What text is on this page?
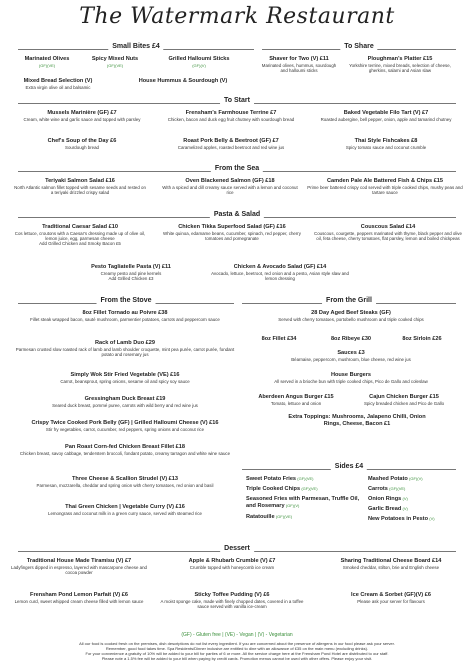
The Watermark Restaurant
Small Bites £4
Marinated Olives
(GF)(VE)
Spicy Mixed Nuts
(GF)(VE)
Grilled Halloumi Sticks
(GF)(V)
Mixed Bread Selection (V)
Extra virgin olive oil and balsamic
House Hummus & Sourdough (V)
To Share
Shaver for Two (V) £11
Marinated olives, hummus, sourdough and halloumi sticks
Ploughman's Platter £15
Yorkshire terrine, mixed breads, selection of cheese, gherkins, salami and Asian slaw
To Start
Mussels Marinière (GF) £7
Cream, white wine and garlic sauce and topped with parsley
Frensham's Farmhouse Terrine £7
Chicken, bacon and duck egg fruit chutney with sourdough bread
Baked Vegetable Filo Tart (V) £7
Roasted aubergine, bell pepper, onion, apple and tamarind chutney
Chef's Soup of the Day £6
Sourdough bread
Roast Pork Belly & Beetroot (GF) £7
Caramelized apples, roasted beetroot and red wine jus
Thai Style Fishcakes £8
Spicy tomato sauce and coconut crumble
From the Sea
Teriyaki Salmon Salad £16
North Atlantic salmon fillet topped with sesame seeds and rested on a teriyaki drizzled crispy salad
Oven Blackened Salmon (GF) £18
With a spiced and dill creamy sauce served with a lemon and coconut rice
Camden Pale Ale Battered Fish & Chips £15
Prime beer battered crispy cod served with triple cooked chips, mushy peas and tartare sauce
Pasta & Salad
Traditional Caesar Salad £10
Cos lettuce, croutons with a Caesar's dressing made up of olive oil, lemon juice, egg, parmesan cheese
Add Grilled Chicken and Smoky Bacon £5
Chicken Tikka Superfood Salad (GF) £16
White quinoa, edamame beans, cucumber, spinach, red pepper, cherry tomatoes and pomegranate
Couscous Salad £14
Couscous, courgette, peppers marinated with thyme, black pepper and olive oil, feta cheese, cherry tomatoes, flat parsley, lemon and boiled chickpeas
Pesto Tagliatelle Pasta (V) £11
Creamy pesto and pine kernels
Add Grilled Chicken £3
Chicken & Avocado Salad (GF) £14
Avocado, lettuce, beetroot, red onion and a pesto, Asian style slaw and lemon dressing
From the Stove
8oz Fillet Tornado au Poivre £38
Fillet steak wrapped bacon, sauté mushroom, parmentier potatoes, carrots and peppercorn sauce
Rack of Lamb Duo £29
Parmesan crusted slow roasted rack of lamb and lamb shoulder croquette, mint pea purée, carrot purée, fondant potato and rosemary jus
Simply Wok Stir Fried Vegetable (VE) £16
Carrot, beansprout, spring onions, sesame oil and spicy soy sauce
Gressingham Duck Breast £19
Seared duck breast, pommé puree, carrots with wild berry and red wine jus
Crispy Twice Cooked Pork Belly (GF) | Grilled Halloumi Cheese (V) £16
Stir fry vegetables, carrot, cucumber, red peppers, spring onions and coconut rice
Pan Roast Corn-fed Chicken Breast Fillet £18
Chicken breast, savoy cabbage, tenderstem broccoli, fondant potato, creamy tarragon and white wine sauce
Three Cheese & Scallion Strudel (V) £13
Parmesan, mozzarella, cheddar and spring onion with cherry tomatoes, red onion and basil
Thai Green Chicken | Vegetable Curry (V) £16
Lemongrass and coconut milk in a green curry sauce, served with steamed rice
From the Grill
28 Day Aged Beef Steaks (GF)
Served with cherry tomatoes, portobello mushroom and triple cooked chips
8oz Fillet £34	8oz Ribeye £30	8oz Sirloin £26
Sauces £3
Béarnaise, peppercorn, mushroom, blue cheese, red wine jus
House Burgers
All served in a brioche bun with triple cooked chips, Pico de Gallo and coleslaw
Aberdeen Angus Burger £15
Tomato, lettuce and onion
Cajun Chicken Burger £15
Spicy breaded chicken and Pico de Gallo
Extra Toppings: Mushrooms, Jalapeno Chilli, Onion Rings, Cheese, Bacon £1
Sides £4
Sweet Potato Fries (GF)(VE)
Triple Cooked Chips (GF)(VE)
Seasoned Fries with Parmesan, Truffle Oil, and Rosemary (GF)(V)
Ratatouille (GF)(VE)
Mashed Potato (GF)(V)
Carrots (GF)(VE)
Onion Rings (V)
Garlic Bread (V)
New Potatoes in Pesto (V)
Dessert
Traditional House Made Tiramisu (V) £7
Ladyfingers dipped in espresso, layered with mascarpone cheese and cocoa powder
Apple & Rhubarb Crumble (V) £7
Crumble topped with honeycomb ice cream
Sharing Traditional Cheese Board £14
Smoked cheddar, stilton, brie and English cheese
Frensham Pond Lemon Parfait (V) £6
Lemon curd, sweet whipped cream cheese filled with lemon sauce
Sticky Toffee Pudding (V) £6
A moist sponge cake, made with finely chopped dates, covered in a toffee sauce served with vanilla ice-cream
Ice Cream & Sorbet (GF)(V) £6
Please ask your server for flavours
(GF) - Gluten free | (VE) - Vegan | (V) - Vegetarian
All our food is cooked fresh on the premises, dish descriptions do not list every ingredient. If you are concerned about the presence of allergens in our food please ask your server.
Remember, good food takes time. Spa Residents/Dinner inclusive are entitled to dine with an allowance of £35 on the main menu (excluding drinks).
For your convenience a gratuity of 10% will be added to your bill for parties of 6 or more. All the service charge here at the Frensham Pond Hotel are distributed to our staff.
Please note a 1.5% fee will be added to your bill when paying by credit cards. Promotion menus cannot be used with other offers. Please enjoy your visit.
